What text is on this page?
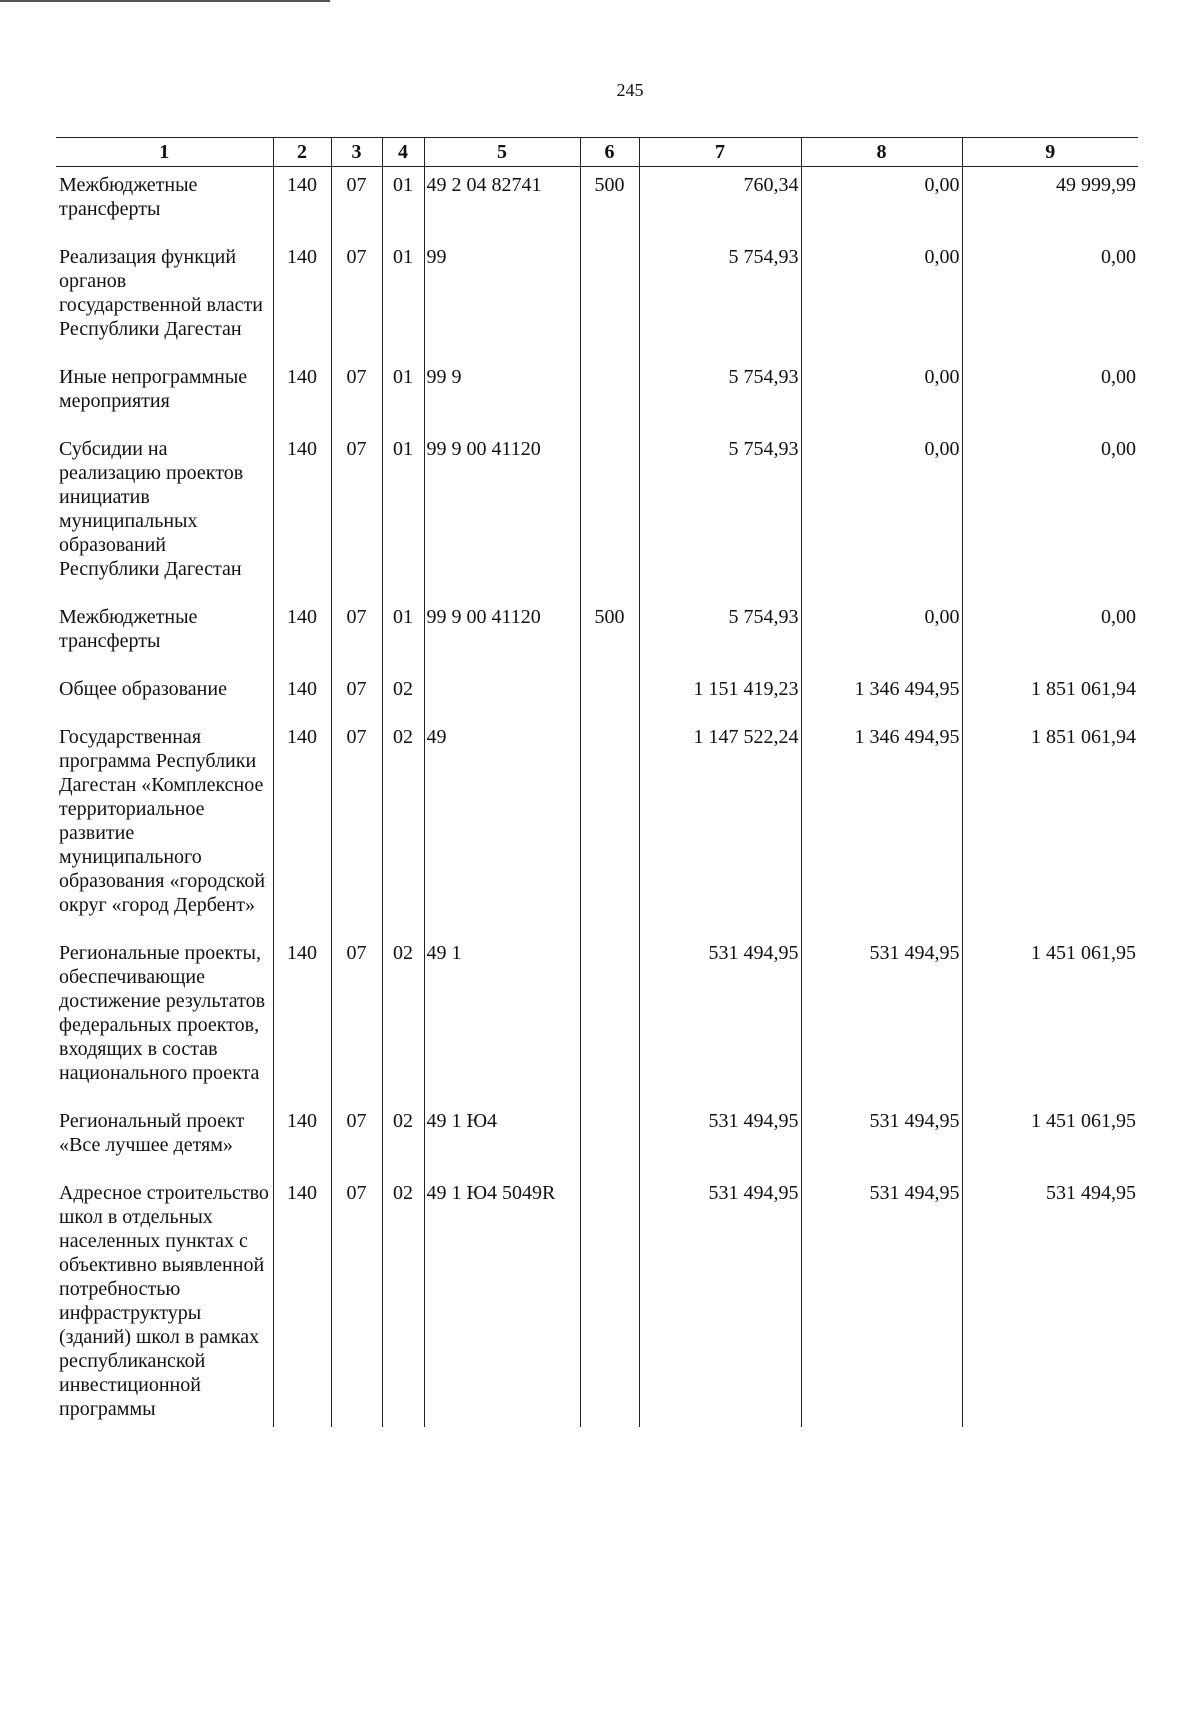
245
1	2	3	4	5	6	7	8	9
Межбюджетные трансферты	140	07	01	49 2 04 82741	500	760,34	0,00	49 999,99
Реализация функций органов государственной власти Республики Дагестан	140	07	01	99		5 754,93	0,00	0,00
Иные непрограммные мероприятия	140	07	01	99 9		5 754,93	0,00	0,00
Субсидии на реализацию проектов инициатив муниципальных образований Республики Дагестан	140	07	01	99 9 00 41120		5 754,93	0,00	0,00
Межбюджетные трансферты	140	07	01	99 9 00 41120	500	5 754,93	0,00	0,00
Общее образование	140	07	02			1 151 419,23	1 346 494,95	1 851 061,94
Государственная программа Республики Дагестан «Комплексное территориальное развитие муниципального образования «городской округ «город Дербент»	140	07	02	49		1 147 522,24	1 346 494,95	1 851 061,94
Региональные проекты, обеспечивающие достижение результатов федеральных проектов, входящих в состав национального проекта	140	07	02	49 1		531 494,95	531 494,95	1 451 061,95
Региональный проект «Все лучшее детям»	140	07	02	49 1 Ю4		531 494,95	531 494,95	1 451 061,95
Адресное строительство школ в отдельных населенных пунктах с объективно выявленной потребностью инфраструктуры (зданий) школ в рамках республиканской инвестиционной программы	140	07	02	49 1 Ю4 5049R		531 494,95	531 494,95	531 494,95
